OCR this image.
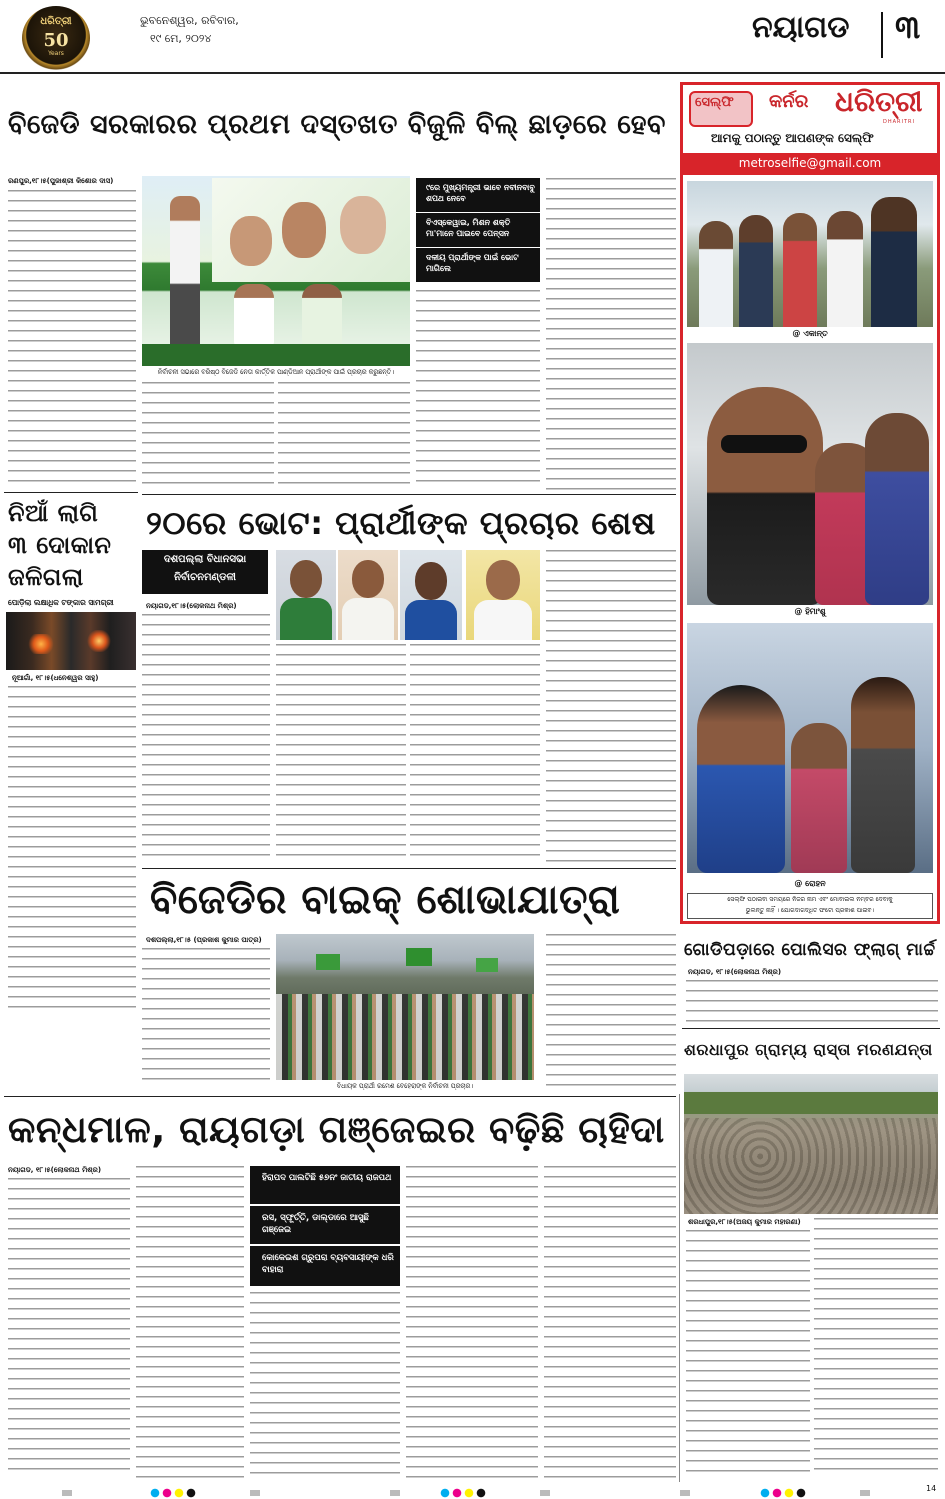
ଧରିତ୍ରୀ
50
Years
ଭୁବନେଶ୍ୱର, ରବିବାର,
୧୯ ମେ, ୨୦୨୪	ନୟାଗଡ ୩
ବିଜେଡି ସରକାରର ପ୍ରଥମ ଦସ୍ତଖତ ବିଜୁଳି ବିଲ୍ ଛାଡ଼ରେ ହେବ
ରଣପୁର,୧୮।୫(ପୁଜାଶ୍ରୀ କିଶୋର ଦାସ)
ନିର୍ବାଚନୀ ସଭାରେ ବରିଷ୍ଠ ବିଜେଡି ନେତା କାର୍ତ୍ତିକ ପାଣ୍ଡିଆନ ପ୍ରାର୍ଥୀଙ୍କ ପାଇଁ ପ୍ରଚାର କରୁଛନ୍ତି।
୯ରେ ମୁଖ୍ୟମନ୍ତ୍ରୀ ଭାବେ ନବୀନବାବୁ ଶପଥ ନେବେ
ବିଏସ୍‌କେୱାଇ, ମିଶନ ଶକ୍ତି ମା'ମାନେ ପାଇବେ ପେନ୍‌ସନ
ଦଳୀୟ ପ୍ରାର୍ଥୀଙ୍କ ପାଇଁ ଭୋଟ ମାଗିଲେ
ନିଆଁ ଲାଗି
୩ ଦୋକାନ
ଜଳିଗଲା
ପୋଡ଼ିଲା ଲକ୍ଷାଧିକ ଟଙ୍କାର ସାମଗ୍ରୀ
ନୂଆଗାଁ, ୧୮।୫(ଧନେଶ୍ୱର ସାହୁ)
୨୦ରେ ଭୋଟ: ପ୍ରାର୍ଥୀଙ୍କ ପ୍ରଚାର ଶେଷ
ଦଶପଲ୍ଲା ବିଧାନସଭା
ନିର୍ବାଚନମଣ୍ଡଳୀ
ନୟାଗଡ,୧୮।୫(ଲୋକନାଥ ମିଶ୍ର)
ବିଜେଡିର ବାଇକ୍ ଶୋଭାଯାତ୍ରା
ଦଶପଲ୍ଲା,୧୮।୫ (ପ୍ରକାଶ କୁମାର ପାତ୍ର)
ବିଧାୟକ ପ୍ରାର୍ଥୀ ରମେଶ ବେହେରାଙ୍କ ନିର୍ବାଚନୀ ପ୍ରଚାର।
ସେଲ୍ଫି କର୍ନର ଧରିତ୍ରୀ
DHARITRI
ଆମକୁ ପଠାନ୍ତୁ ଆପଣଙ୍କ ସେଲ୍ଫି
metroselfie@gmail.com
@ ଏକାନ୍ତ
@ ହିମାଂଶୁ
@ ରୋହନ
ସେଲ୍ଫି ପଠାଇବା ସମୟରେ ନିଜର ନାମ ଏବଂ ମୋବାଇଲ ନମ୍ବର ଦେବାକୁ
ଭୁଲନ୍ତୁ ନାହିଁ । ଯୋଗଦାଗଦ୍ଧିତ ଫଟୋ ପ୍ରକାଶ ପାଇବ।
ଗୋଡିପଡ଼ାରେ ପୋଲିସର ଫ୍ଲାଗ୍ ମାର୍ଚ୍ଚ
ନୟାଗଡ, ୧୮।୫(ଲୋକନାଥ ମିଶ୍ର)
ଶରଧାପୁର ଗ୍ରାମ୍ୟ ରାସ୍ତା ମରଣଯନ୍ତା
ଶରଧାପୁର,୧୮।୫(ଅଜୟ କୁମାର ମହାରଣା)
କନ୍ଧମାଳ, ରାୟଗଡ଼ା ଗଞ୍ଜେଇର ବଢ଼ିଛି ଚାହିଦା
ନୟାଗଡ, ୧୮।୫(ଲୋକନାଥ ମିଶ୍ର)
ହିରାପଦ ପାଲଟିଛି ୫୭ନଂ ଜାତୀୟ ରାଜପଥ
ରସ, ସ୍ଫୂର୍ତ୍ତି, ଡାଲ୍‌ଡାରେ ଆସୁଛି ଗଞ୍ଜେଇ
କୋକେଇଶ ଗ୍ରୁପରା ବ୍ୟବସାୟୀଙ୍କ ଧରି ବାହାରା
14
